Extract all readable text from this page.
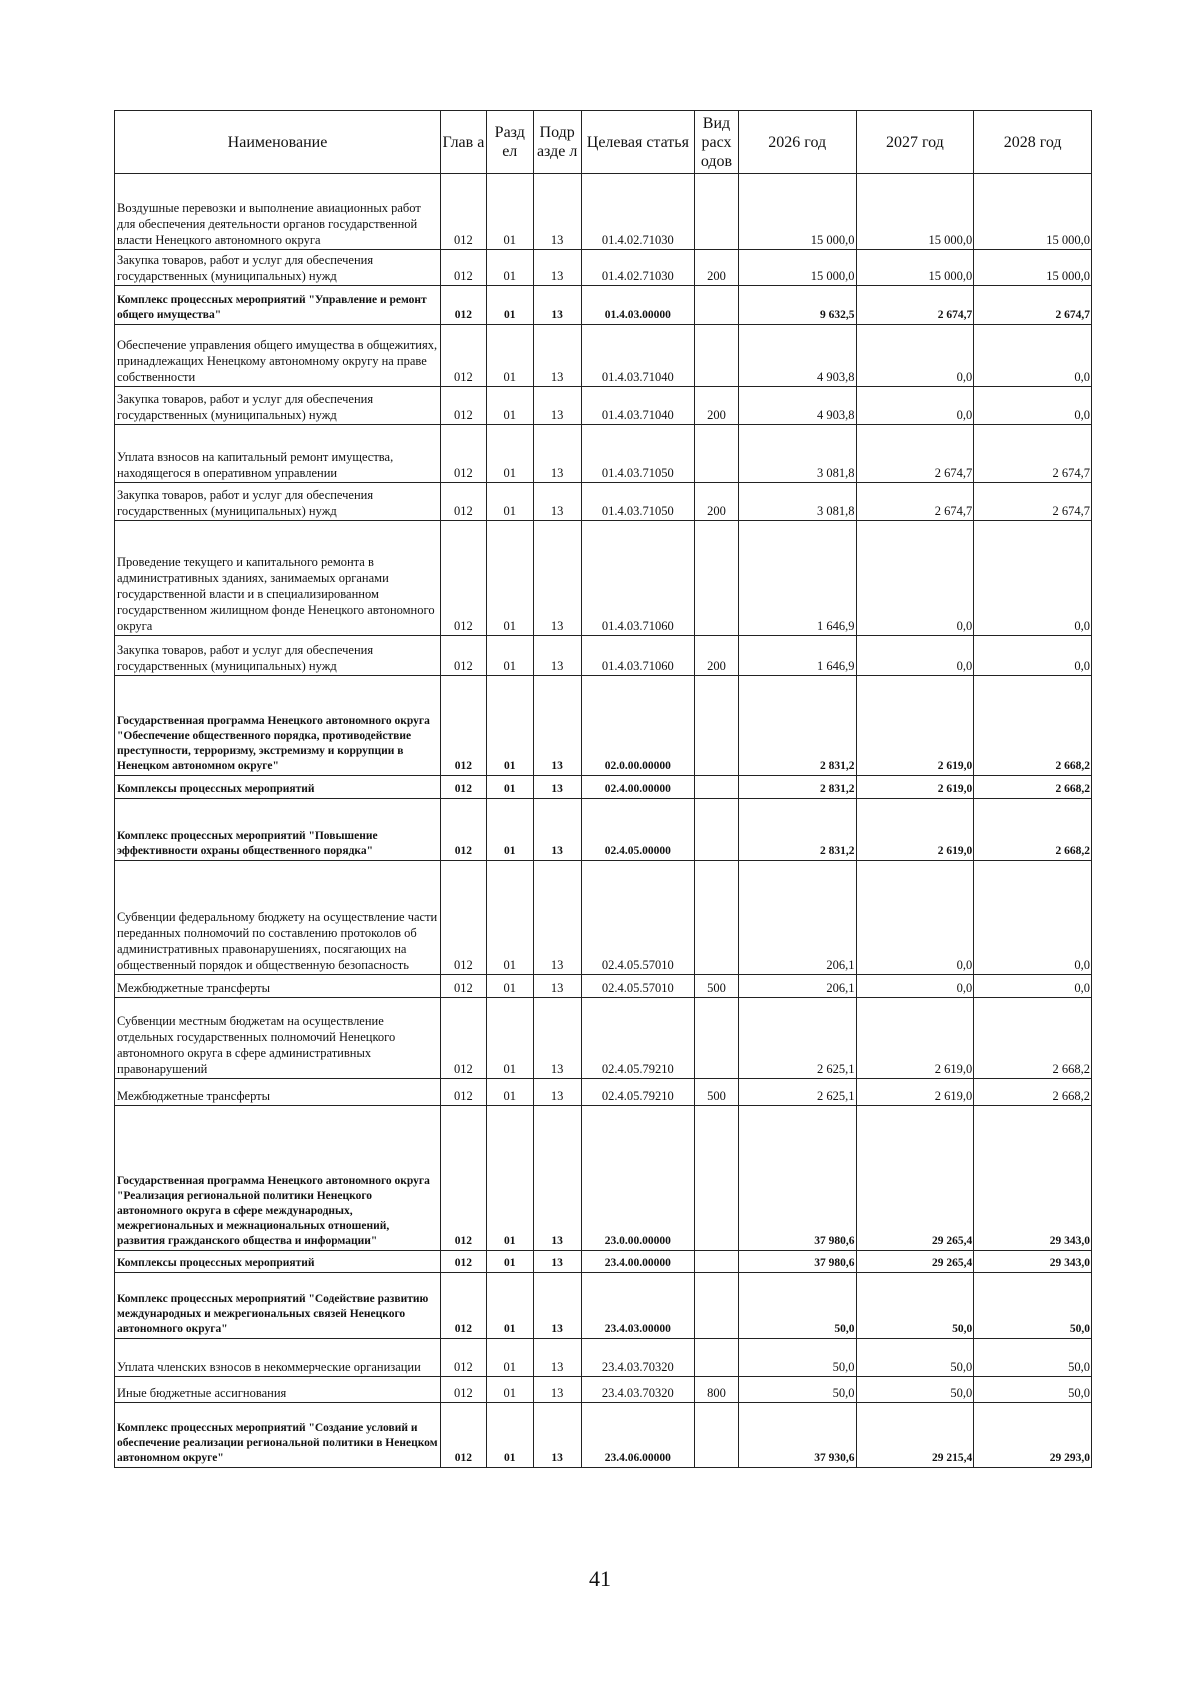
Наименование	Глав а	Разд ел	Подр азде л	Целевая статья	Вид расх одов	2026 год	2027 год	2028 год
Воздушные перевозки и выполнение авиационных работ для обеспечения деятельности органов государственной власти Ненецкого автономного округа	012	01	13	01.4.02.71030		15 000,0	15 000,0	15 000,0
Закупка товаров, работ и услуг для обеспечения государственных (муниципальных) нужд	012	01	13	01.4.02.71030	200	15 000,0	15 000,0	15 000,0
Комплекс процессных мероприятий "Управление и ремонт общего имущества"	012	01	13	01.4.03.00000		9 632,5	2 674,7	2 674,7
Обеспечение управления общего имущества в общежитиях, принадлежащих Ненецкому автономному округу на праве собственности	012	01	13	01.4.03.71040		4 903,8	0,0	0,0
Закупка товаров, работ и услуг для обеспечения государственных (муниципальных) нужд	012	01	13	01.4.03.71040	200	4 903,8	0,0	0,0
Уплата взносов на капитальный ремонт имущества, находящегося в оперативном управлении	012	01	13	01.4.03.71050		3 081,8	2 674,7	2 674,7
Закупка товаров, работ и услуг для обеспечения государственных (муниципальных) нужд	012	01	13	01.4.03.71050	200	3 081,8	2 674,7	2 674,7
Проведение текущего и капитального ремонта в административных зданиях, занимаемых органами государственной власти и в специализированном государственном жилищном фонде Ненецкого автономного округа	012	01	13	01.4.03.71060		1 646,9	0,0	0,0
Закупка товаров, работ и услуг для обеспечения государственных (муниципальных) нужд	012	01	13	01.4.03.71060	200	1 646,9	0,0	0,0
Государственная программа Ненецкого автономного округа "Обеспечение общественного порядка, противодействие преступности, терроризму, экстремизму и коррупции в Ненецком автономном округе"	012	01	13	02.0.00.00000		2 831,2	2 619,0	2 668,2
Комплексы процессных мероприятий	012	01	13	02.4.00.00000		2 831,2	2 619,0	2 668,2
Комплекс процессных мероприятий "Повышение эффективности охраны общественного порядка"	012	01	13	02.4.05.00000		2 831,2	2 619,0	2 668,2
Субвенции федеральному бюджету на осуществление части переданных полномочий по составлению протоколов об административных правонарушениях, посягающих на общественный порядок и общественную безопасность	012	01	13	02.4.05.57010		206,1	0,0	0,0
Межбюджетные трансферты	012	01	13	02.4.05.57010	500	206,1	0,0	0,0
Субвенции местным бюджетам на осуществление отдельных государственных полномочий Ненецкого автономного округа в сфере административных правонарушений	012	01	13	02.4.05.79210		2 625,1	2 619,0	2 668,2
Межбюджетные трансферты	012	01	13	02.4.05.79210	500	2 625,1	2 619,0	2 668,2
Государственная программа Ненецкого автономного округа "Реализация региональной политики Ненецкого автономного округа в сфере международных, межрегиональных и межнациональных отношений, развития гражданского общества и информации"	012	01	13	23.0.00.00000		37 980,6	29 265,4	29 343,0
Комплексы процессных мероприятий	012	01	13	23.4.00.00000		37 980,6	29 265,4	29 343,0
Комплекс процессных мероприятий "Содействие развитию международных и межрегиональных связей Ненецкого автономного округа"	012	01	13	23.4.03.00000		50,0	50,0	50,0
Уплата членских взносов в некоммерческие организации	012	01	13	23.4.03.70320		50,0	50,0	50,0
Иные бюджетные ассигнования	012	01	13	23.4.03.70320	800	50,0	50,0	50,0
Комплекс процессных мероприятий "Создание условий и обеспечение реализации региональной политики в Ненецком автономном округе"	012	01	13	23.4.06.00000		37 930,6	29 215,4	29 293,0
41
